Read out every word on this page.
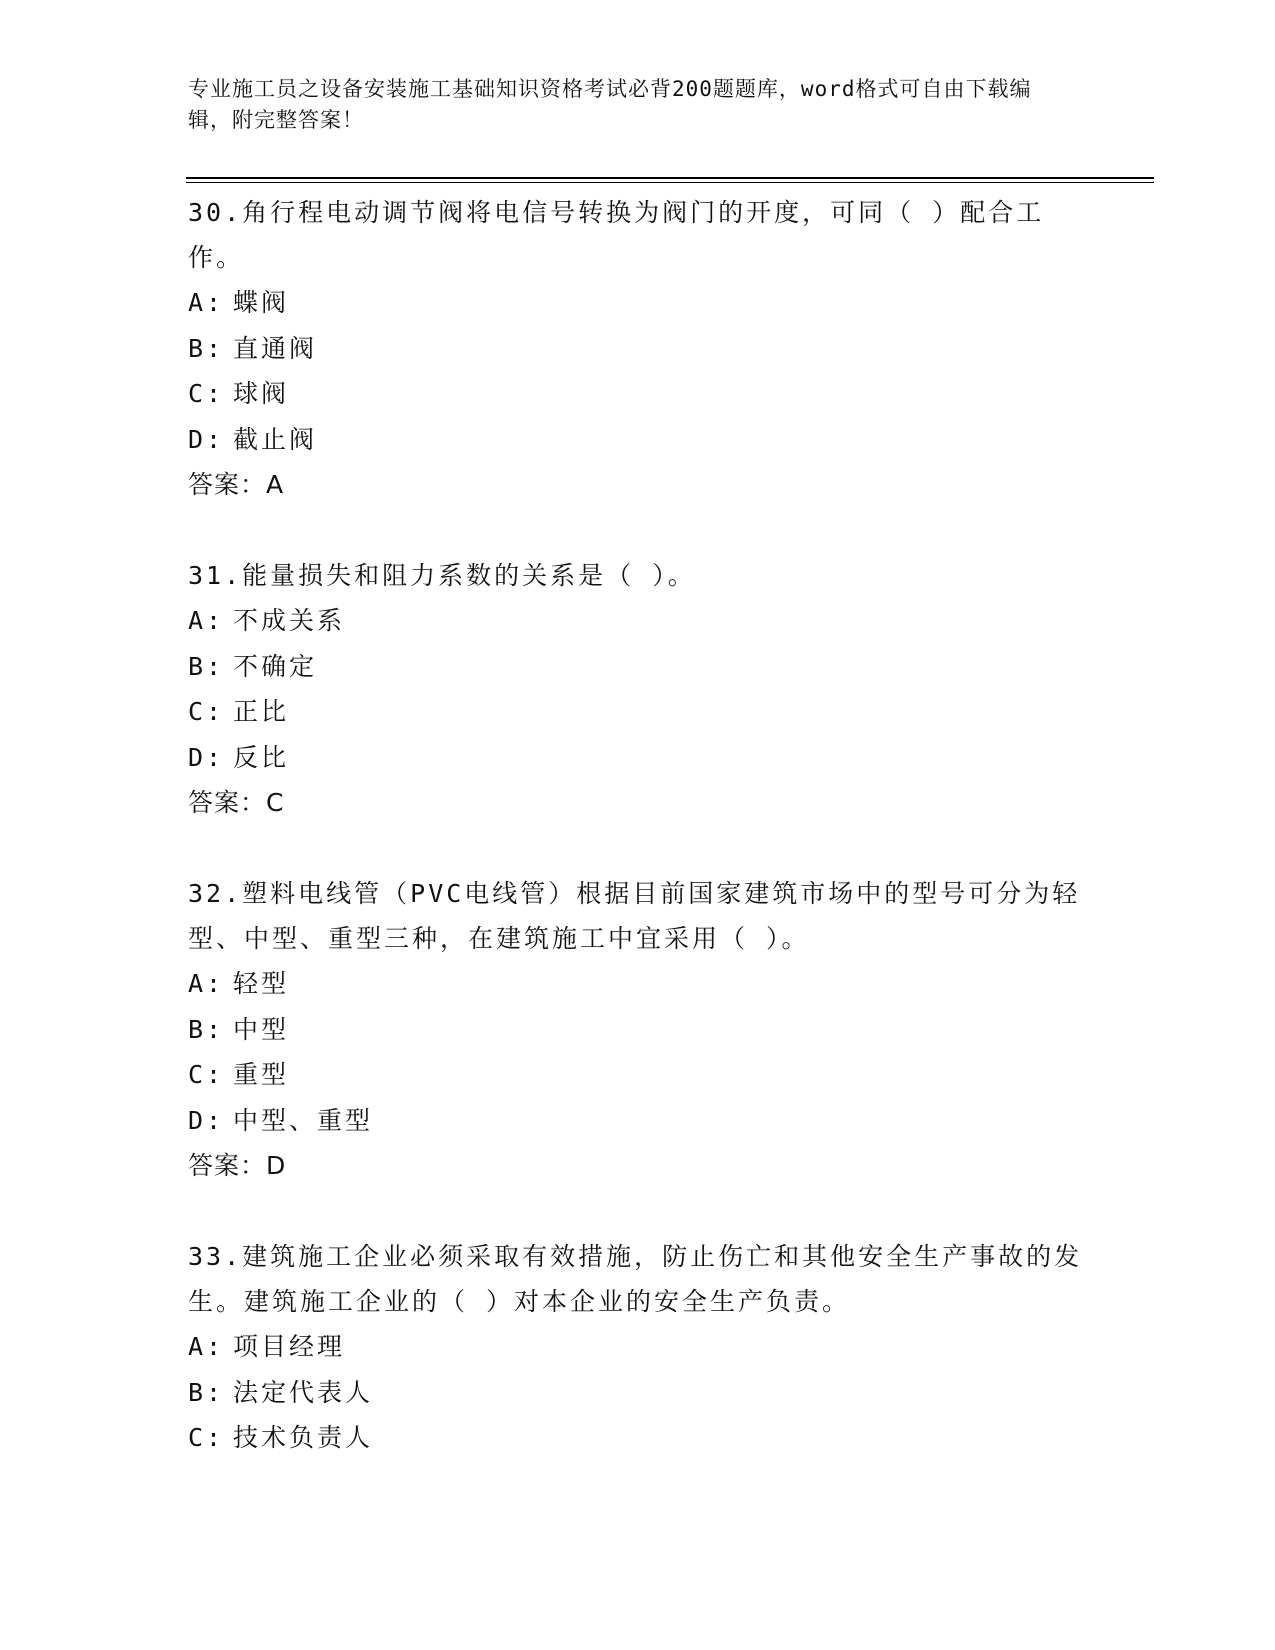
专业施工员之设备安装施工基础知识资格考试必背200题题库，word格式可自由下载编辑，附完整答案！
30.角行程电动调节阀将电信号转换为阀门的开度，可同（ ）配合工作。
A: 蝶阀
B: 直通阀
C: 球阀
D: 截止阀
答案：A
31.能量损失和阻力系数的关系是（ ）。
A: 不成关系
B: 不确定
C: 正比
D: 反比
答案：C
32.塑料电线管（PVC电线管）根据目前国家建筑市场中的型号可分为轻型、中型、重型三种，在建筑施工中宜采用（ ）。
A: 轻型
B: 中型
C: 重型
D: 中型、重型
答案：D
33.建筑施工企业必须采取有效措施，防止伤亡和其他安全生产事故的发生。建筑施工企业的（ ）对本企业的安全生产负责。
A: 项目经理
B: 法定代表人
C: 技术负责人
